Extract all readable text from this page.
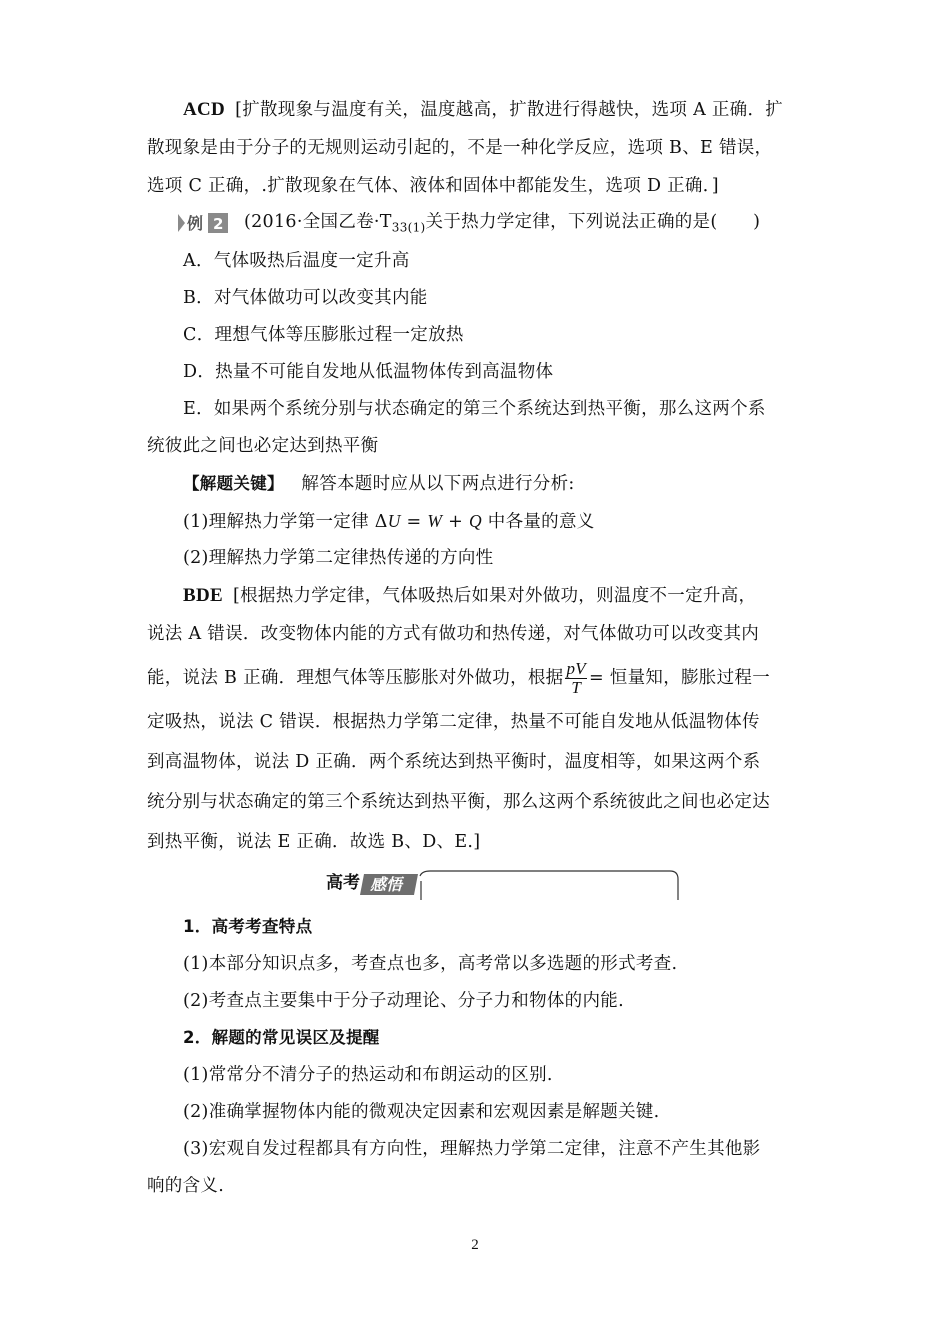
ACD [扩散现象与温度有关，温度越高，扩散进行得越快，选项 A 正确．扩
散现象是由于分子的无规则运动引起的，不是一种化学反应，选项 B、E 错误，
选项 C 正确，.扩散现象在气体、液体和固体中都能发生，选项 D 正确．]
例 2 (2016·全国乙卷$\cdot T_{33(1)}$关于热力学定律，下列说法正确的是(　　)
A．气体吸热后温度一定升高
B．对气体做功可以改变其内能
C．理想气体等压膨胀过程一定放热
D．热量不可能自发地从低温物体传到高温物体
E．如果两个系统分别与状态确定的第三个系统达到热平衡，那么这两个系
统彼此之间也必定达到热平衡
【解题关键】 解答本题时应从以下两点进行分析:
(1)理解热力学第一定律 ΔU = W + Q 中各量的意义
(2)理解热力学第二定律热传递的方向性
BDE [根据热力学定律，气体吸热后如果对外做功，则温度不一定升高，
说法 A 错误．改变物体内能的方式有做功和热传递，对气体做功可以改变其内
能，说法 B 正确．理想气体等压膨胀对外做功，根据 $\frac{pV}{T}$ = 恒量知，膨胀过程一
定吸热，说法 C 错误．根据热力学第二定律，热量不可能自发地从低温物体传
到高温物体，说法 D 正确．两个系统达到热平衡时，温度相等，如果这两个系
统分别与状态确定的第三个系统达到热平衡，那么这两个系统彼此之间也必定达
到热平衡，说法 E 正确．故选 B、D、E.]
高考 感悟
1．高考考查特点
(1)本部分知识点多，考查点也多，高考常以多选题的形式考查.
(2)考查点主要集中于分子动理论、分子力和物体的内能.
2．解题的常见误区及提醒
(1)常常分不清分子的热运动和布朗运动的区别.
(2)准确掌握物体内能的微观决定因素和宏观因素是解题关键.
(3)宏观自发过程都具有方向性，理解热力学第二定律，注意不产生其他影
响的含义.
2
